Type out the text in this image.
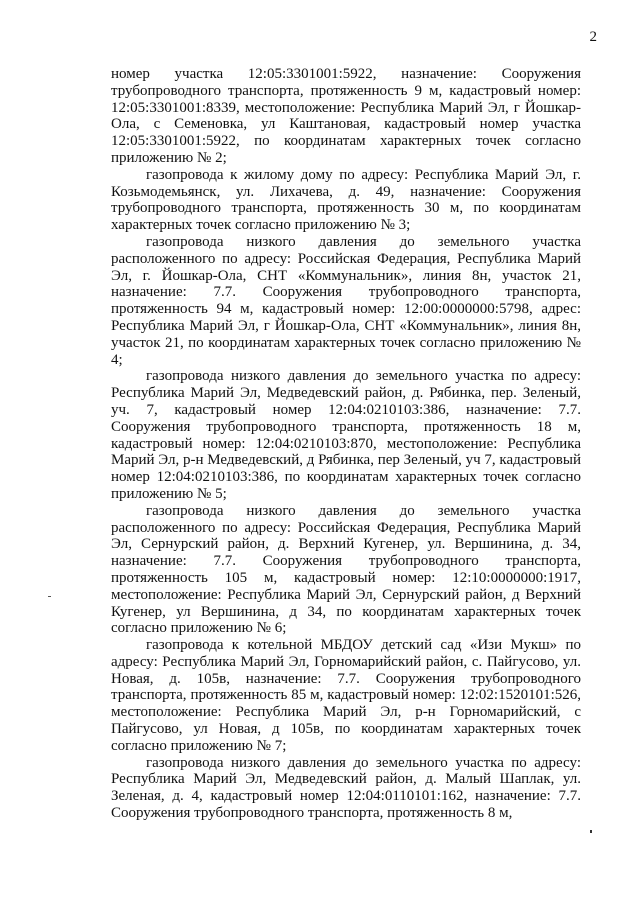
2

номер участка 12:05:3301001:5922, назначение: Сооружения трубопроводного транспорта, протяженность 9 м, кадастровый номер: 12:05:3301001:8339, местоположение: Республика Марий Эл, г Йошкар-Ола, с Семеновка, ул Каштановая, кадастровый номер участка 12:05:3301001:5922, по координатам характерных точек согласно приложению № 2;

газопровода к жилому дому по адресу: Республика Марий Эл, г. Козьмодемьянск, ул. Лихачева, д. 49, назначение: Сооружения трубопроводного транспорта, протяженность 30 м, по координатам характерных точек согласно приложению № 3;

газопровода низкого давления до земельного участка расположенного по адресу: Российская Федерация, Республика Марий Эл, г. Йошкар-Ола, СНТ «Коммунальник», линия 8н, участок 21, назначение: 7.7. Сооружения трубопроводного транспорта, протяженность 94 м, кадастровый номер: 12:00:0000000:5798, адрес: Республика Марий Эл, г Йошкар-Ола, СНТ «Коммунальник», линия 8н, участок 21, по координатам характерных точек согласно приложению № 4;

газопровода низкого давления до земельного участка по адресу: Республика Марий Эл, Медведевский район, д. Рябинка, пер. Зеленый, уч. 7, кадастровый номер 12:04:0210103:386, назначение: 7.7. Сооружения трубопроводного транспорта, протяженность 18 м, кадастровый номер: 12:04:0210103:870, местоположение: Республика Марий Эл, р-н Медведевский, д Рябинка, пер Зеленый, уч 7, кадастровый номер 12:04:0210103:386, по координатам характерных точек согласно приложению № 5;

газопровода низкого давления до земельного участка расположенного по адресу: Российская Федерация, Республика Марий Эл, Сернурский район, д. Верхний Кугенер, ул. Вершинина, д. 34, назначение: 7.7. Сооружения трубопроводного транспорта, протяженность 105 м, кадастровый номер: 12:10:0000000:1917, местоположение: Республика Марий Эл, Сернурский район, д Верхний Кугенер, ул Вершинина, д 34, по координатам характерных точек согласно приложению № 6;

газопровода к котельной МБДОУ детский сад «Изи Мукш» по адресу: Республика Марий Эл, Горномарийский район, с. Пайгусово, ул. Новая, д. 105в, назначение: 7.7. Сооружения трубопроводного транспорта, протяженность 85 м, кадастровый номер: 12:02:1520101:526, местоположение: Республика Марий Эл, р-н Горномарийский, с Пайгусово, ул Новая, д 105в, по координатам характерных точек согласно приложению № 7;

газопровода низкого давления до земельного участка по адресу: Республика Марий Эл, Медведевский район, д. Малый Шаплак, ул. Зеленая, д. 4, кадастровый номер 12:04:0110101:162, назначение: 7.7. Сооружения трубопроводного транспорта, протяженность 8 м,
